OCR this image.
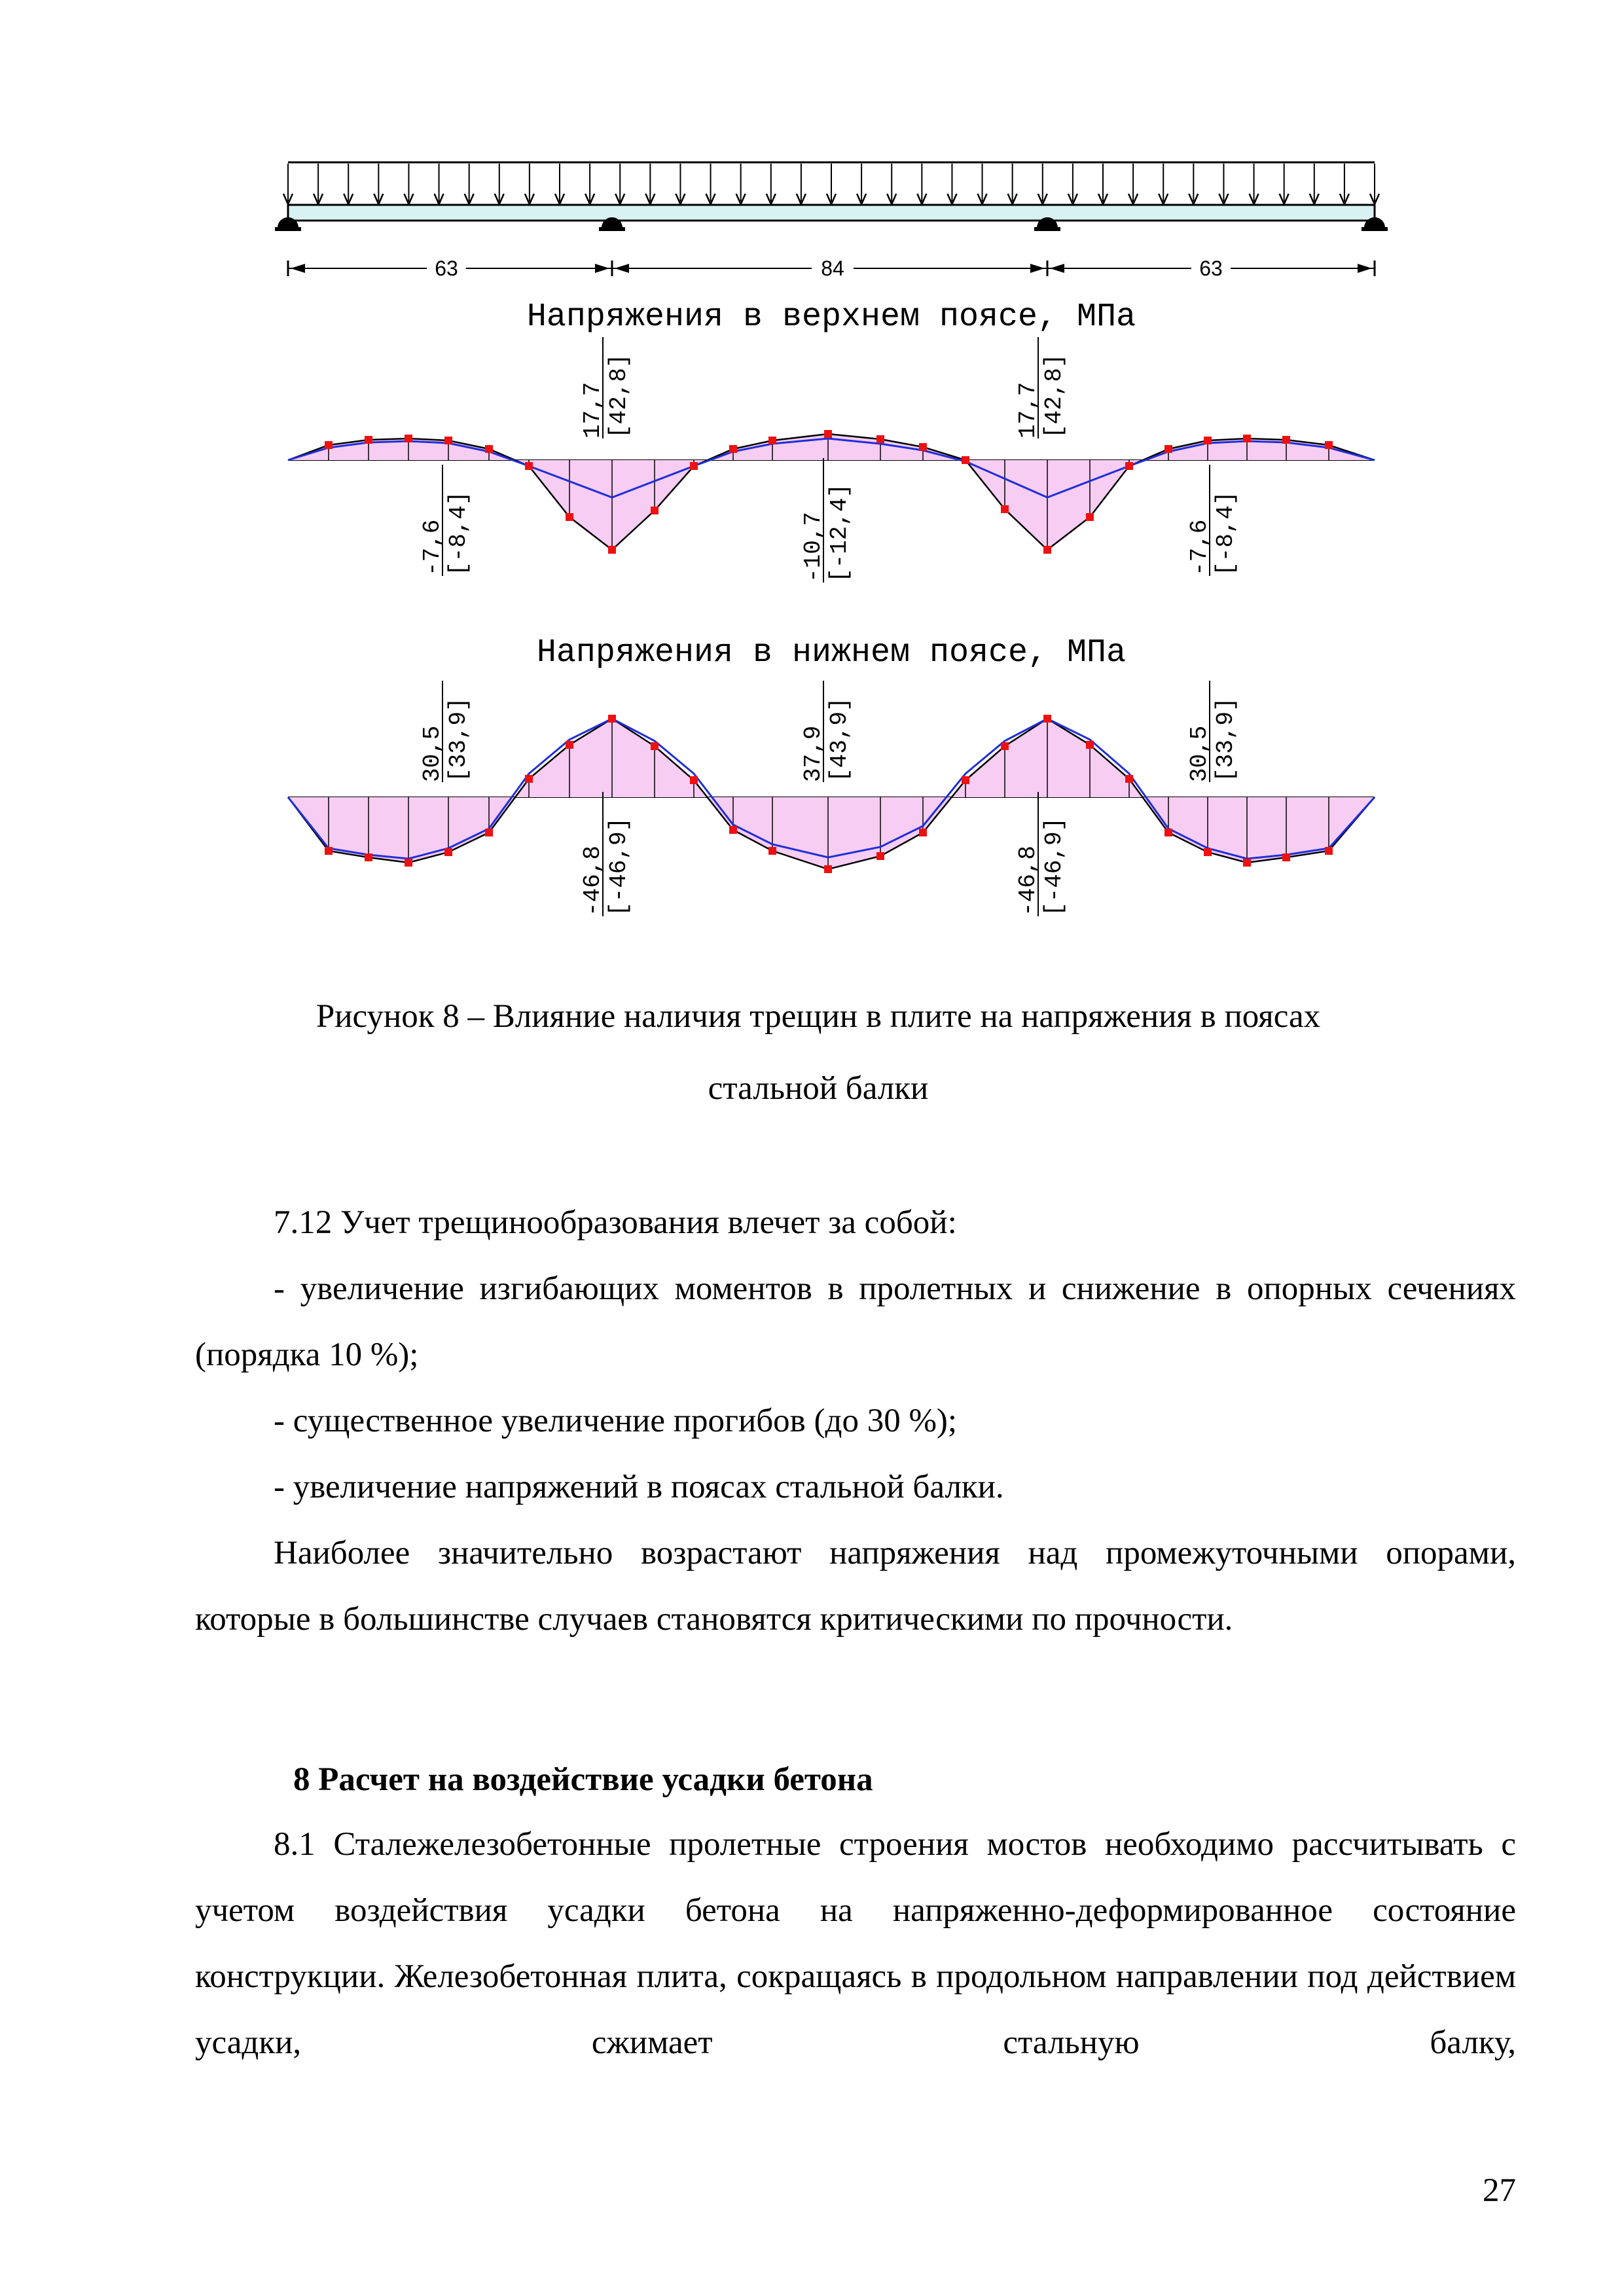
63	84	63
Напряжения в верхнем поясе, МПа
Напряжения в нижнем поясе, МПа
17,7 [42,8]	17,7 [42,8]
-7,6 [-8,4]	-10,7 [-12,4]	-7,6 [-8,4]
30,5 [33,9]	37,9 [43,9]	30,5 [33,9]
-46,8 [-46,9]	-46,8 [-46,9]
Рисунок 8 – Влияние наличия трещин в плите на напряжения в поясах
стальной балки

7.12 Учет трещинообразования влечет за собой:

- увеличение изгибающих моментов в пролетных и снижение в опорных сечениях (порядка 10 %);

- существенное увеличение прогибов (до 30 %);

- увеличение напряжений в поясах стальной балки.

Наиболее значительно возрастают напряжения над промежуточными опорами, которые в большинстве случаев становятся критическими по прочности.

8 Расчет на воздействие усадки бетона

8.1 Сталежелезобетонные пролетные строения мостов необходимо рассчитывать с учетом воздействия усадки бетона на напряженно-деформированное состояние конструкции. Железобетонная плита, сокращаясь в продольном направлении под действием усадки, сжимает стальную балку,

27
